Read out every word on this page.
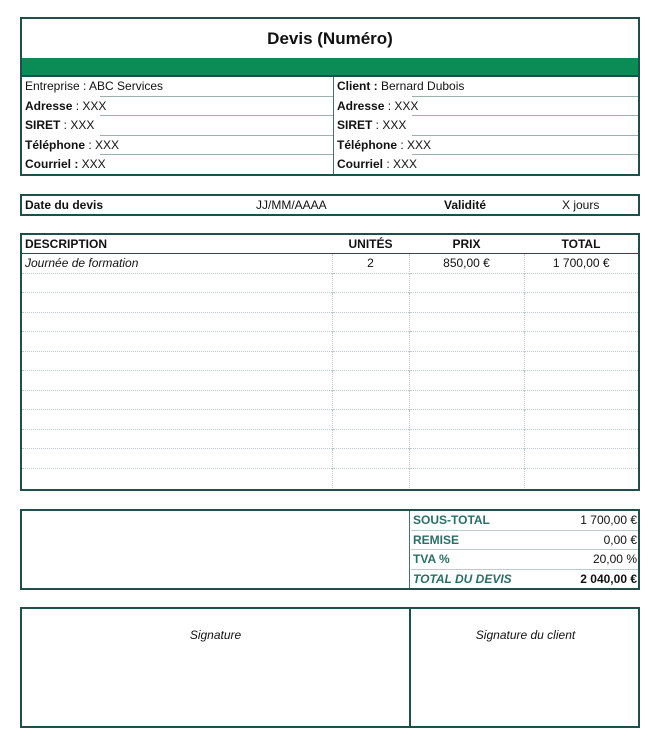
Devis (Numéro)
Entreprise : ABC Services
Adresse : XXX
SIRET : XXX
Téléphone : XXX
Courriel : XXX
Client : Bernard Dubois
Adresse : XXX
SIRET : XXX
Téléphone : XXX
Courriel : XXX
Date du devis	JJ/MM/AAAA	Validité	X jours
DESCRIPTION	UNITÉS	PRIX	TOTAL
Journée de formation	2	850,00 €	1 700,00 €

SOUS-TOTAL	1 700,00 €
REMISE	0,00 €
TVA %	20,00 %
TOTAL DU DEVIS	2 040,00 €
Signature	Signature du client
